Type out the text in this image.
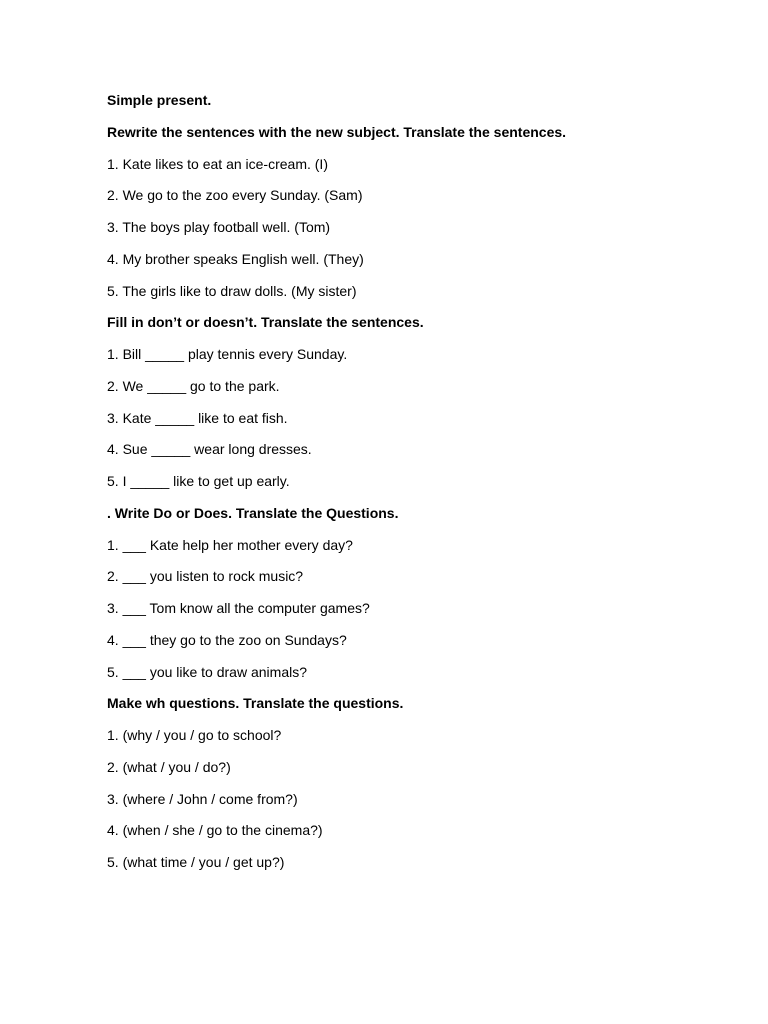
Simple present.
Rewrite the sentences with the new subject. Translate the sentences.
1. Kate likes to eat an ice-cream. (I)
2. We go to the zoo every Sunday. (Sam)
3. The boys play football well. (Tom)
4. My brother speaks English well. (They)
5. The girls like to draw dolls. (My sister)
Fill in don’t or doesn’t. Translate the sentences.
1. Bill _____ play tennis every Sunday.
2. We _____ go to the park.
3. Kate _____ like to eat fish.
4. Sue _____ wear long dresses.
5. I _____ like to get up early.
. Write Do or Does. Translate the Questions.
1. ___ Kate help her mother every day?
2. ___ you listen to rock music?
3. ___ Tom know all the computer games?
4. ___ they go to the zoo on Sundays?
5. ___ you like to draw animals?
Make wh questions. Translate the questions.
1. (why / you / go to school?
2. (what / you / do?)
3. (where / John / come from?)
4. (when / she / go to the cinema?)
5. (what time / you / get up?)
